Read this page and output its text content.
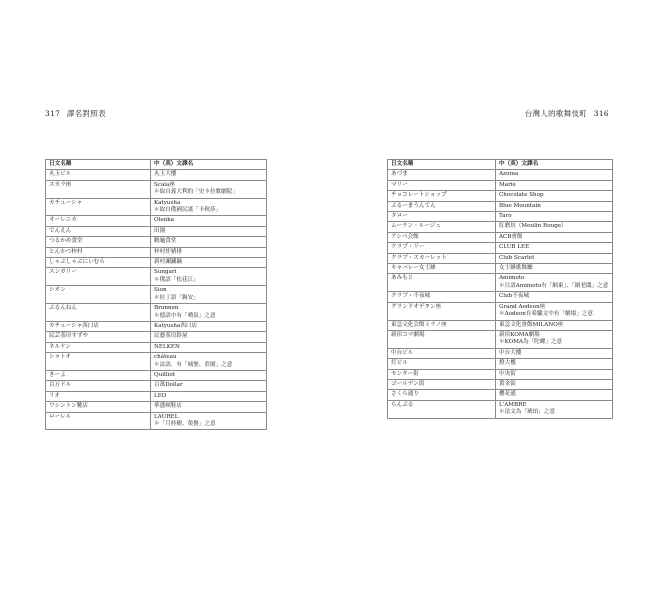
317 譯名對照表	台灣人的歌舞伎町 316
日文名稱	中（英）文譯名
丸玉ビル	丸玉大樓
スカラ座	Scala座
＊取自義大利的「史卡拉歌劇院」

カチューシャ	Katyusha
＊取自俄國民謠「卡秋莎」

オーレニカ	Olenka
でんえん	田園
つるかめ食堂	鶴龜食堂
とんかつ梓村	梓村炸豬排
しゃぶしゃぶにいむら	新村涮涮鍋
スンガリー	Sungari
＊俄語「松花江」

シオン	Sion
＊拉丁語「錫安」

ぶるんねん	Brunnen
＊德語中有「噴泉」之意

カチューシャ西口店	Katyusha西口店
民芸茶房すずや	民藝茶房鈴屋
ネルケン	NELKEN
シャトオ	château
＊法語，有「城堡、莊園」之意

きーよ	Quilliot
百万ドル	百萬Dollar
リオ	LEO
ワシントン靴店	華盛頓鞋店
ローレル	LAUREL
＊「月桂樹、榮譽」之意
日文名稱	中（英）文譯名
あづま	Azuma
マリー	Marie
チョコレートショップ	Chocolate Shop
ぶるーまうんてん	Blue Mountain
タロー	Taro
ムーラン・ルージュ	紅磨坊（Moulin Rouge）
アシベ会館	ACB會館
クラブ・リー	CLUB LEE
クラブ・スカーレット	Club Scarlet
キャバレー女王蜂	女王蜂歌舞廳
あみもと	Amimoto
＊日語Amimoto有「網東」、「網老闆」之意

クラブ・不夜城	Club不夜城
グランドオデヲン座	Grand Aodeon座
＊Aodeon在希臘文中有「劇場」之意

東急文化会館ミラノ座	東急文化會館MILANO座
新宿コマ劇場	新宿KOMA劇場
＊KOMA為「陀螺」之意

中台ビル	中台大樓
灯ビル	燈大樓
センター街	中央街
ゴールデン街	黃金街
さくら通り	櫻花通
らんぶる	L'AMBRE
＊法文為「琥珀」之意
